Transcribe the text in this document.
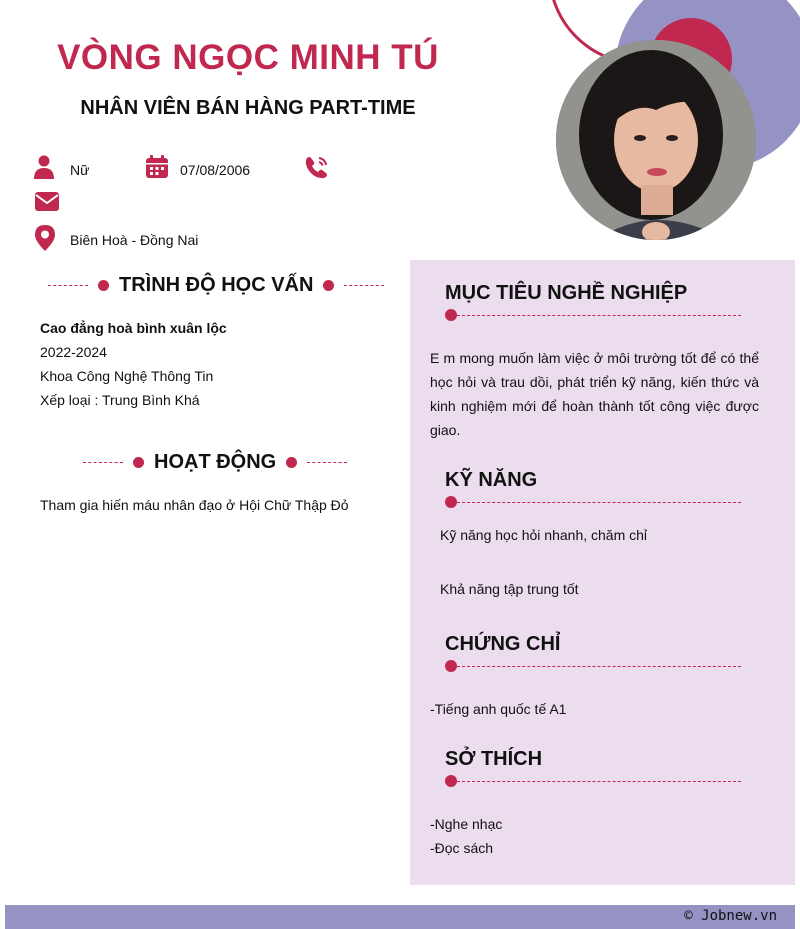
VÒNG NGỌC MINH TÚ
NHÂN VIÊN BÁN HÀNG PART-TIME
Nữ	07/08/2006
Biên Hoà - Đồng Nai
TRÌNH ĐỘ HỌC VẤN
Cao đẳng hoà bình xuân lộc
2022-2024
Khoa Công Nghệ Thông Tin
Xếp loại : Trung Bình Khá
HOẠT ĐỘNG
Tham gia hiến máu nhân đạo ở Hội Chữ Thập Đỏ
MỤC TIÊU NGHỀ NGHIỆP
E m mong muốn làm việc ở môi trường tốt để có thể học hỏi và trau dồi, phát triển kỹ năng, kiến thức và kinh nghiệm mới để hoàn thành tốt công việc được giao.
KỸ NĂNG
Kỹ năng học hỏi nhanh, chăm chỉ
Khả năng tập trung tốt
CHỨNG CHỈ
-Tiếng anh quốc tế A1
SỞ THÍCH
-Nghe nhạc
-Đọc sách
© Jobnew.vn
